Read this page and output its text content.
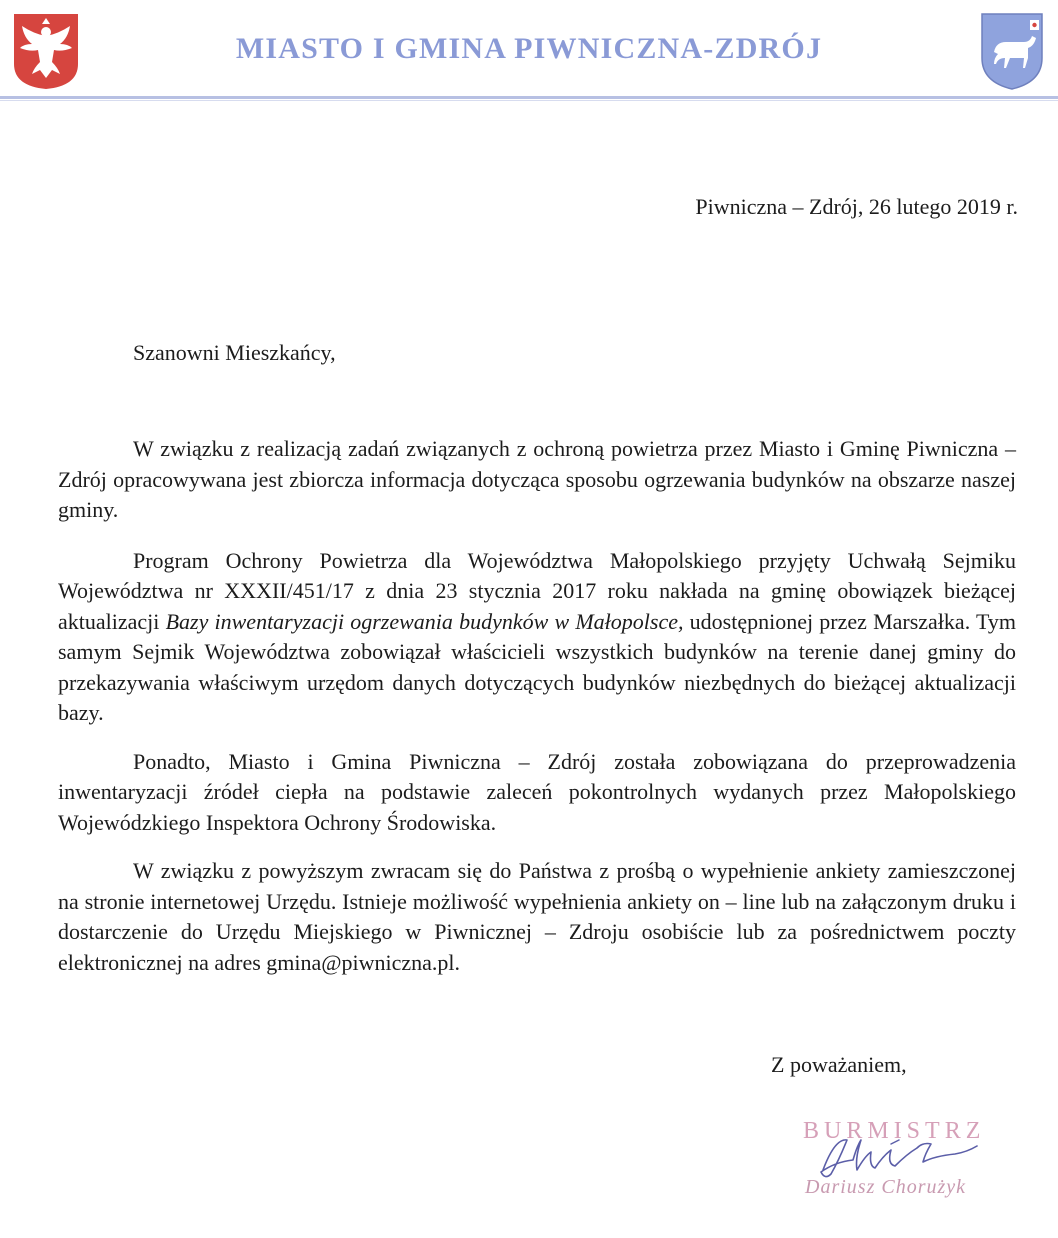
MIASTO I GMINA PIWNICZNA-ZDRÓJ
Piwniczna – Zdrój, 26 lutego 2019 r.
Szanowni Mieszkańcy,

W związku z realizacją zadań związanych z ochroną powietrza przez Miasto i Gminę Piwniczna – Zdrój opracowywana jest zbiorcza informacja dotycząca sposobu ogrzewania budynków na obszarze naszej gminy.

Program Ochrony Powietrza dla Województwa Małopolskiego przyjęty Uchwałą Sejmiku Województwa nr XXXII/451/17 z dnia 23 stycznia 2017 roku nakłada na gminę obowiązek bieżącej aktualizacji Bazy inwentaryzacji ogrzewania budynków w Małopolsce, udostępnionej przez Marszałka. Tym samym Sejmik Województwa zobowiązał właścicieli wszystkich budynków na terenie danej gminy do przekazywania właściwym urzędom danych dotyczących budynków niezbędnych do bieżącej aktualizacji bazy.

Ponadto, Miasto i Gmina Piwniczna – Zdrój została zobowiązana do przeprowadzenia inwentaryzacji źródeł ciepła na podstawie zaleceń pokontrolnych wydanych przez Małopolskiego Wojewódzkiego Inspektora Ochrony Środowiska.

W związku z powyższym zwracam się do Państwa z prośbą o wypełnienie ankiety zamieszczonej na stronie internetowej Urzędu. Istnieje możliwość wypełnienia ankiety on – line lub na załączonym druku i dostarczenie do Urzędu Miejskiego w Piwnicznej – Zdroju osobiście lub za pośrednictwem poczty elektronicznej na adres gmina@piwniczna.pl.

Z poważaniem,
BURMISTRZ
Dariusz Chorużyk
